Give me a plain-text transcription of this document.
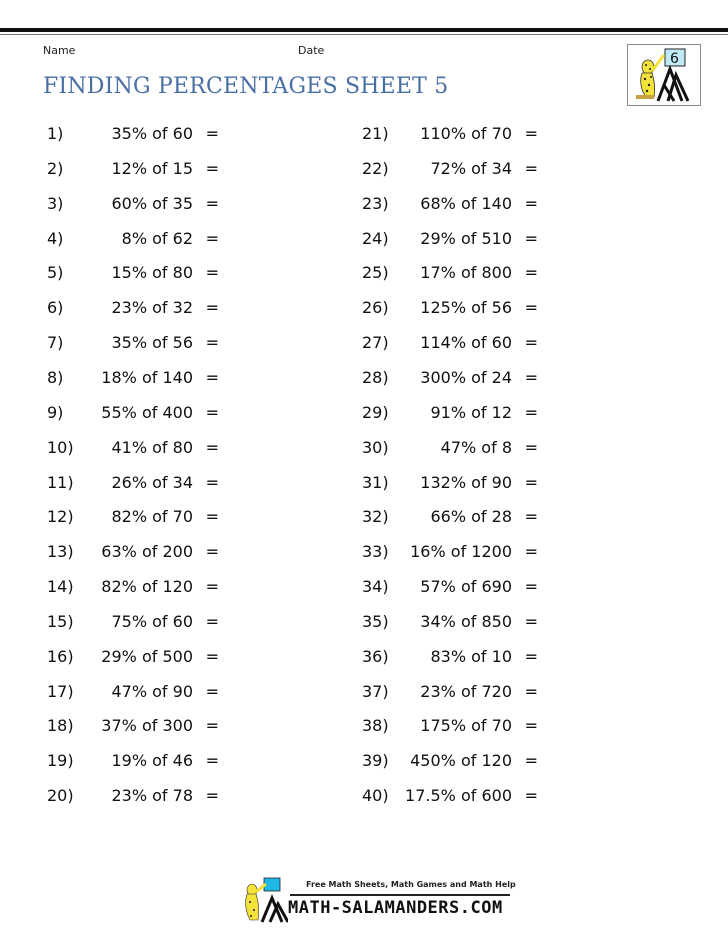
Name	Date
FINDING PERCENTAGES SHEET 5
6
1)	35% of 60 =
2)	12% of 15 =
3)	60% of 35 =
4)	8% of 62 =
5)	15% of 80 =
6)	23% of 32 =
7)	35% of 56 =
8) 18% of 140 =
9) 55% of 400 =
10) 41% of 80 =
11) 26% of 34 =
12) 82% of 70 =
13) 63% of 200 =
14) 82% of 120 =
15) 75% of 60 =
16) 29% of 500 =
17) 47% of 90 =
18) 37% of 300 =
19) 19% of 46 =
20) 23% of 78 =
21) 110% of 70 =
22)	72% of 34 =
23) 68% of 140 =
24) 29% of 510 =
25) 17% of 800 =
26) 125% of 56 =
27) 114% of 60 =
28) 300% of 24 =
29)	91% of 12 =
30)	47% of 8 =
31) 132% of 90 =
32)	66% of 28 =
33) 16% of 1200 =
34) 57% of 690 =
35) 34% of 850 =
36)	83% of 10 =
37) 23% of 720 =
38) 175% of 70 =
39) 450% of 120 =
40) 17.5% of 600 =
Free Math Sheets, Math Games and Math Help
MATH-SALAMANDERS.COM
